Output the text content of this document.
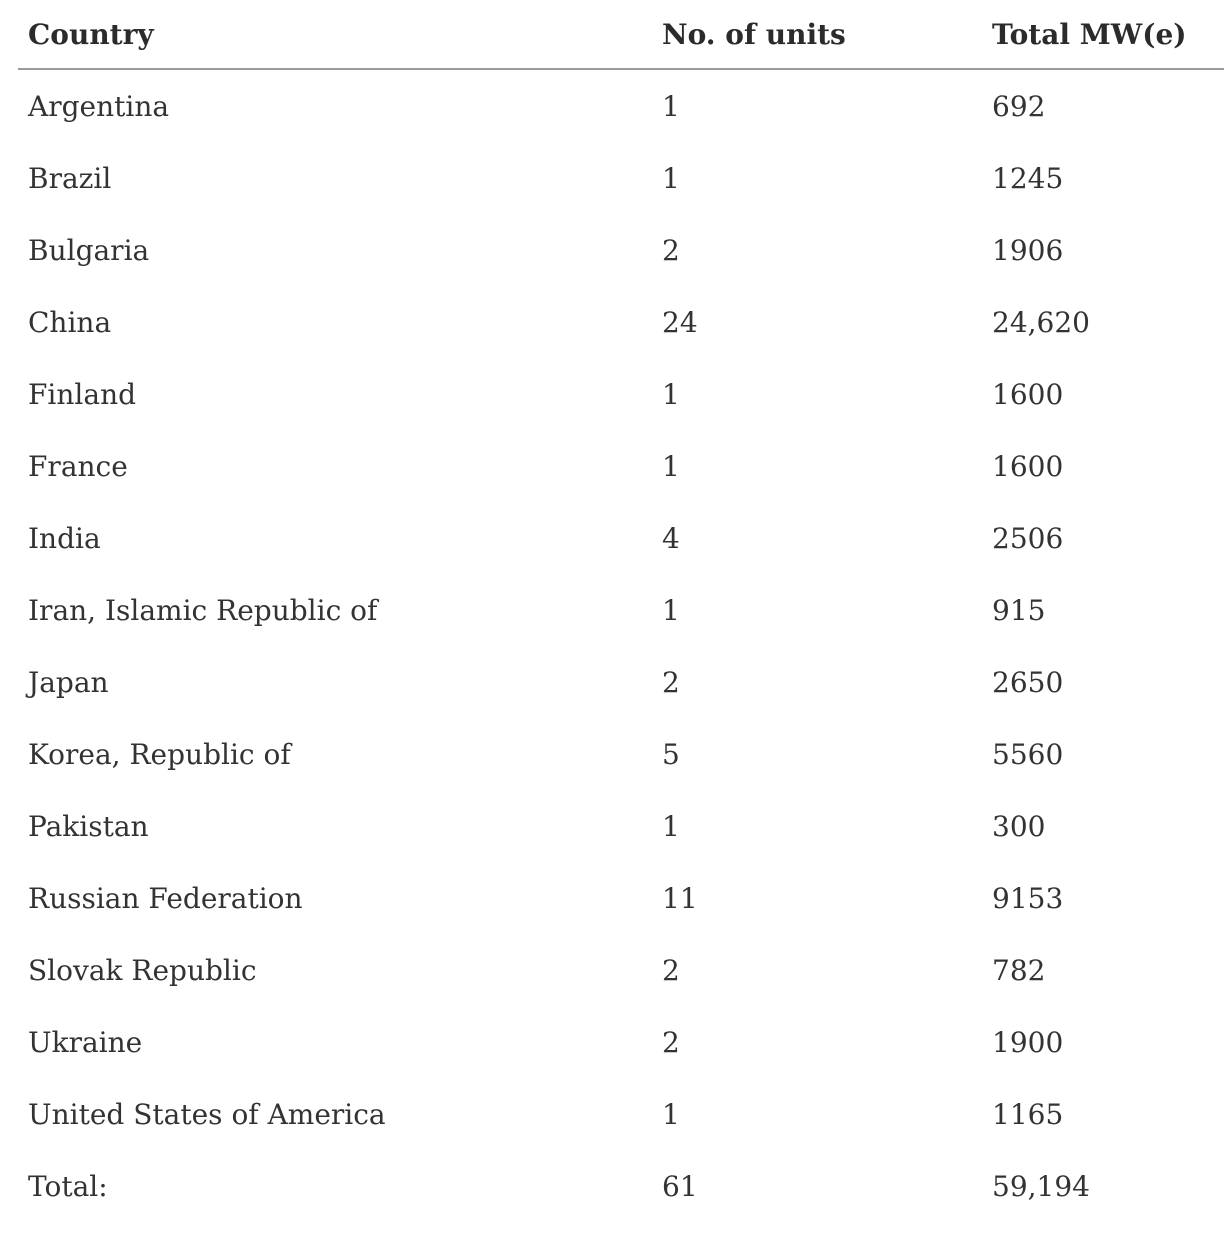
Country	No. of units	Total MW(e)
Argentina	1	692
Brazil	1	1245
Bulgaria	2	1906
China	24	24,620
Finland	1	1600
France	1	1600
India	4	2506
Iran, Islamic Republic of	1	915
Japan	2	2650
Korea, Republic of	5	5560
Pakistan	1	300
Russian Federation	11	9153
Slovak Republic	2	782
Ukraine	2	1900
United States of America	1	1165
Total:	61	59,194
